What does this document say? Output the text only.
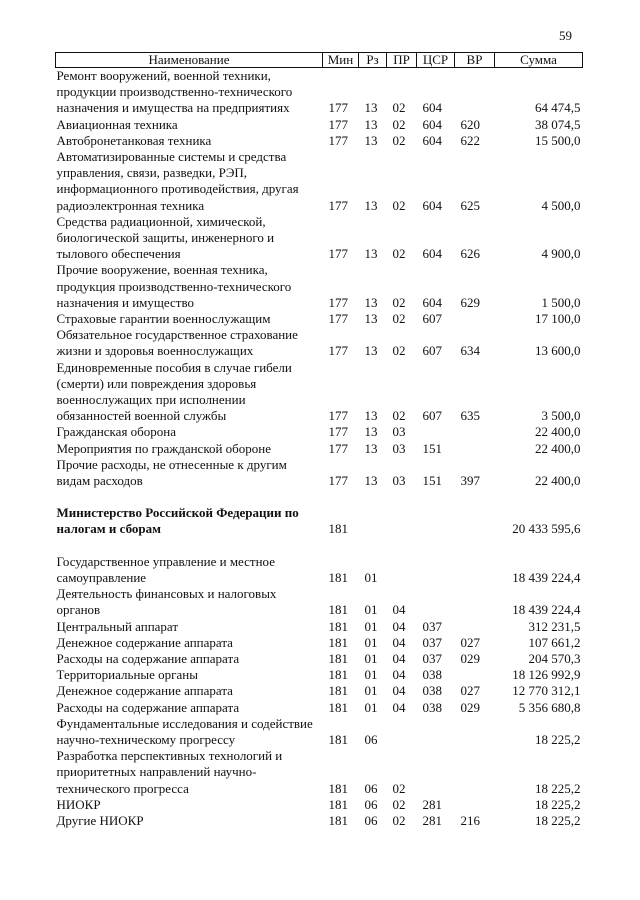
59
Наименование	Мин	Рз	ПР	ЦСР	ВР	Сумма
Ремонт вооружений, военной техники, продукции производственно-технического назначения и имущества на предприятиях	177	13	02	604		64 474,5
Авиационная техника	177	13	02	604	620	38 074,5
Автобронетанковая техника	177	13	02	604	622	15 500,0
Автоматизированные системы и средства управления, связи, разведки, РЭП, информационного противодействия, другая радиоэлектронная техника	177	13	02	604	625	4 500,0
Средства радиационной, химической, биологической защиты, инженерного и тылового обеспечения	177	13	02	604	626	4 900,0
Прочие вооружение, военная техника, продукция производственно-технического назначения и имущество	177	13	02	604	629	1 500,0
Страховые гарантии военнослужащим	177	13	02	607		17 100,0
Обязательное государственное страхование жизни и здоровья военнослужащих	177	13	02	607	634	13 600,0
Единовременные пособия в случае гибели (смерти) или повреждения здоровья военнослужащих при исполнении обязанностей военной службы	177	13	02	607	635	3 500,0
Гражданская оборона	177	13	03			22 400,0
Мероприятия по гражданской обороне	177	13	03	151		22 400,0
Прочие расходы, не отнесенные к другим видам расходов	177	13	03	151	397	22 400,0
Министерство Российской Федерации по налогам и сборам	181					20 433 595,6
Государственное управление и местное самоуправление	181	01				18 439 224,4
Деятельность финансовых и налоговых органов	181	01	04			18 439 224,4
Центральный аппарат	181	01	04	037		312 231,5
Денежное содержание аппарата	181	01	04	037	027	107 661,2
Расходы на содержание аппарата	181	01	04	037	029	204 570,3
Территориальные органы	181	01	04	038		18 126 992,9
Денежное содержание аппарата	181	01	04	038	027	12 770 312,1
Расходы на содержание аппарата	181	01	04	038	029	5 356 680,8
Фундаментальные исследования и содействие научно-техническому прогрессу	181	06				18 225,2
Разработка перспективных технологий и приоритетных направлений научно-технического прогресса	181	06	02			18 225,2
НИОКР	181	06	02	281		18 225,2
Другие НИОКР	181	06	02	281	216	18 225,2
